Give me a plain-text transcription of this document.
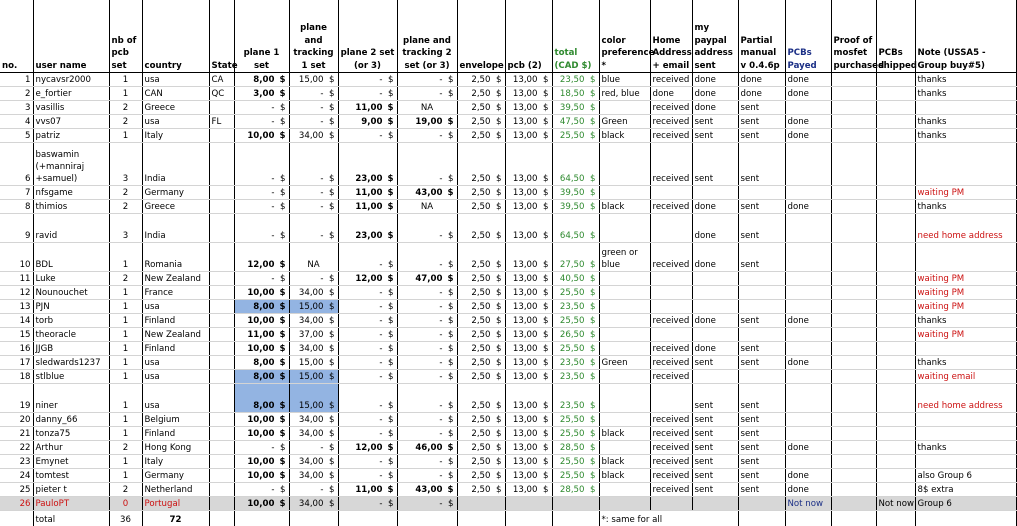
no.	user name	nb of pcb set	country	State	plane 1 set	plane and tracking 1 set	plane 2 set (or 3)	plane and tracking 2 set (or 3)	envelope	pcb (2)	total (CAD $)	color preference *	Home Address + email	my paypal address sent	Partial manual v 0.4.6p	PCBs Payed	Proof of mosfet purchased	PCBs shipped	Note (USSA5 - Group buy#5)
1	nycavsr2000	1	usa	CA	8,00 $	15,00 $	- $	- $	2,50 $	13,00 $	23,50 $	blue	received	done	done	done			thanks
2	e_fortier	1	CAN	QC	3,00 $	- $	- $	- $	2,50 $	13,00 $	18,50 $	red, blue	done	done	done	done			thanks
3	vasillis	2	Greece		- $	- $	11,00 $	NA	2,50 $	13,00 $	39,50 $		received	done	sent				
4	vvs07	2	usa	FL	- $	- $	9,00 $	19,00 $	2,50 $	13,00 $	47,50 $	Green	received	sent	sent	done			thanks
5	patriz	1	Italy		10,00 $	34,00 $	- $	- $	2,50 $	13,00 $	25,50 $	black	received	sent	sent	done			thanks
6	baswamin (+manniraj +samuel)	3	India		- $	- $	23,00 $	- $	2,50 $	13,00 $	64,50 $		received	sent	sent				
7	nfsgame	2	Germany		- $	- $	11,00 $	43,00 $	2,50 $	13,00 $	39,50 $								waiting PM
8	thimios	2	Greece		- $	- $	11,00 $	NA	2,50 $	13,00 $	39,50 $	black	received	done	sent	done			thanks
9	ravid	3	India		- $	- $	23,00 $	- $	2,50 $	13,00 $	64,50 $			done	sent				need home address
10	BDL	1	Romania		12,00 $	NA	- $	- $	2,50 $	13,00 $	27,50 $	green or blue	received	done	sent				
11	Luke	2	New Zealand		- $	- $	12,00 $	47,00 $	2,50 $	13,00 $	40,50 $								waiting PM
12	Nounouchet	1	France		10,00 $	34,00 $	- $	- $	2,50 $	13,00 $	25,50 $								waiting PM
13	PJN	1	usa		8,00 $	15,00 $	- $	- $	2,50 $	13,00 $	23,50 $								waiting PM
14	torb	1	Finland		10,00 $	34,00 $	- $	- $	2,50 $	13,00 $	25,50 $		received	done	sent	done			thanks
15	theoracle	1	New Zealand		11,00 $	37,00 $	- $	- $	2,50 $	13,00 $	26,50 $								waiting PM
16	JJGB	1	Finland		10,00 $	34,00 $	- $	- $	2,50 $	13,00 $	25,50 $		received	done	sent				
17	sledwards1237	1	usa		8,00 $	15,00 $	- $	- $	2,50 $	13,00 $	23,50 $	Green	received	sent	sent	done			thanks
18	stlblue	1	usa		8,00 $	15,00 $	- $	- $	2,50 $	13,00 $	23,50 $		received						waiting email
19	niner	1	usa		8,00 $	15,00 $	- $	- $	2,50 $	13,00 $	23,50 $			sent	sent				need home address
20	danny_66	1	Belgium		10,00 $	34,00 $	- $	- $	2,50 $	13,00 $	25,50 $		received	sent	sent				
21	tonza75	1	Finland		10,00 $	34,00 $	- $	- $	2,50 $	13,00 $	25,50 $	black	received	sent	sent				
22	Arthur	2	Hong Kong		- $	- $	12,00 $	46,00 $	2,50 $	13,00 $	28,50 $		received	sent	sent	done			thanks
23	Emynet	1	Italy		10,00 $	34,00 $	- $	- $	2,50 $	13,00 $	25,50 $	black	received	sent	sent				
24	tomtest	1	Germany		10,00 $	34,00 $	- $	- $	2,50 $	13,00 $	25,50 $	black	received	sent	sent	done			also Group 6
25	pieter t	2	Netherland		- $	- $	11,00 $	43,00 $	2,50 $	13,00 $	28,50 $		received	sent	sent	done			8$ extra
26	PauloPT	0	Portugal		10,00 $	34,00 $	- $	- $								Not now		Not now	Group 6
	total	36	72									*: same for all							
